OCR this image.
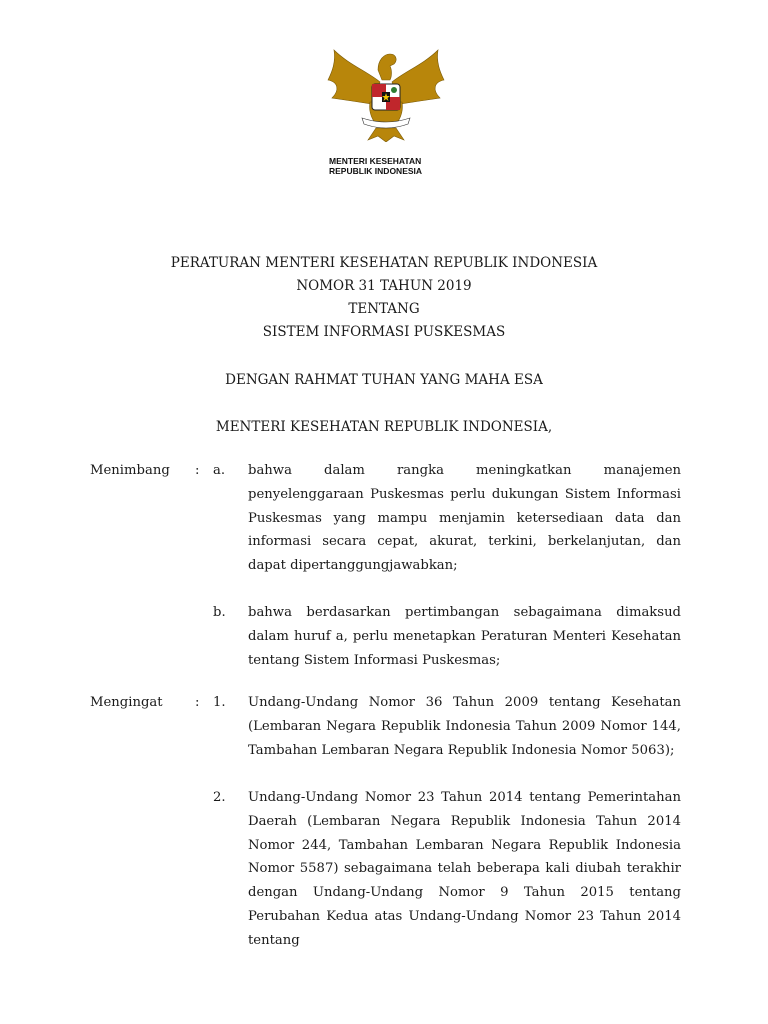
MENTERI KESEHATAN
REPUBLIK INDONESIA
PERATURAN MENTERI KESEHATAN REPUBLIK INDONESIA
NOMOR 31 TAHUN 2019
TENTANG
SISTEM INFORMASI PUSKESMAS
DENGAN RAHMAT TUHAN YANG MAHA ESA
MENTERI KESEHATAN REPUBLIK INDONESIA,
Menimbang : a. bahwa dalam rangka meningkatkan manajemen penyelenggaraan Puskesmas perlu dukungan Sistem Informasi Puskesmas yang mampu menjamin ketersediaan data dan informasi secara cepat, akurat, terkini, berkelanjutan, dan dapat dipertanggungjawabkan;
b. bahwa berdasarkan pertimbangan sebagaimana dimaksud dalam huruf a, perlu menetapkan Peraturan Menteri Kesehatan tentang Sistem Informasi Puskesmas;
Mengingat : 1. Undang-Undang Nomor 36 Tahun 2009 tentang Kesehatan (Lembaran Negara Republik Indonesia Tahun 2009 Nomor 144, Tambahan Lembaran Negara Republik Indonesia Nomor 5063);
2. Undang-Undang Nomor 23 Tahun 2014 tentang Pemerintahan Daerah (Lembaran Negara Republik Indonesia Tahun 2014 Nomor 244, Tambahan Lembaran Negara Republik Indonesia Nomor 5587) sebagaimana telah beberapa kali diubah terakhir dengan Undang-Undang Nomor 9 Tahun 2015 tentang Perubahan Kedua atas Undang-Undang Nomor 23 Tahun 2014 tentang
